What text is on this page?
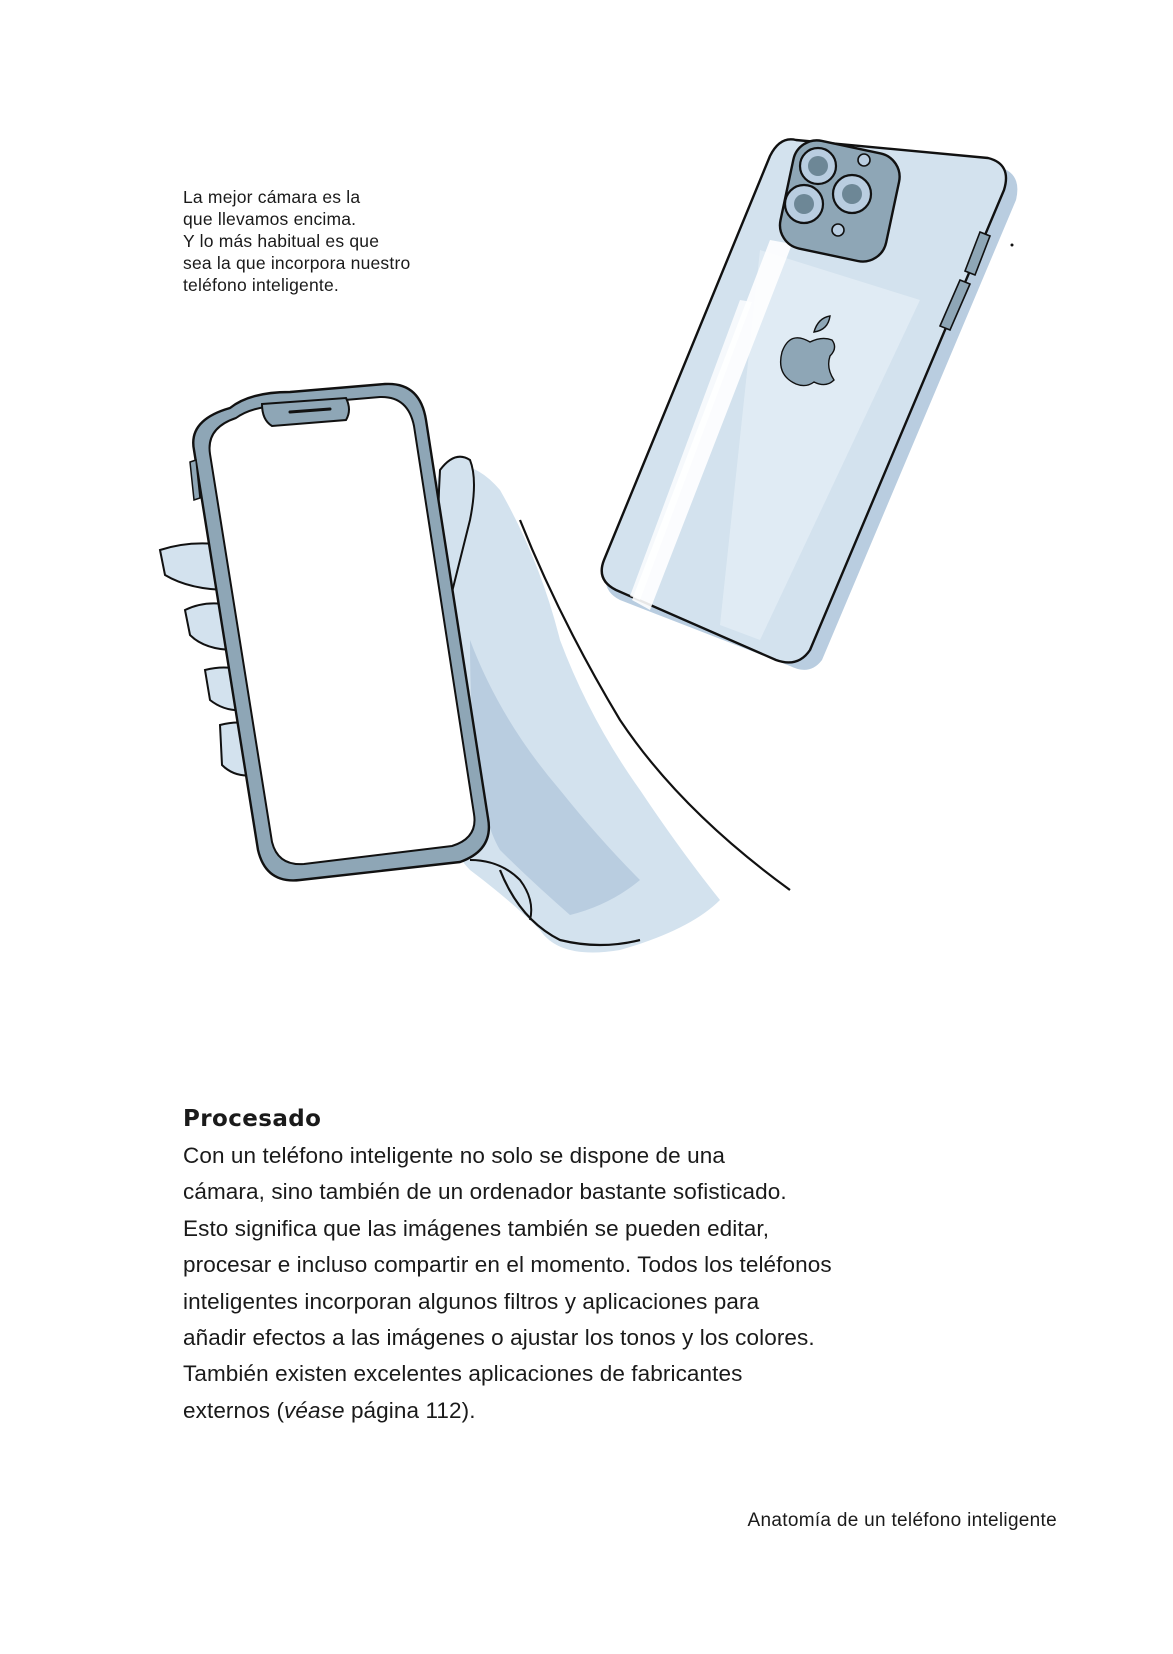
La mejor cámara es la
que llevamos encima.
Y lo más habitual es que
sea la que incorpora nuestro
teléfono inteligente.
Procesado
Con un teléfono inteligente no solo se dispone de una
cámara, sino también de un ordenador bastante sofisticado.
Esto significa que las imágenes también se pueden editar,
procesar e incluso compartir en el momento. Todos los teléfonos
inteligentes incorporan algunos filtros y aplicaciones para
añadir efectos a las imágenes o ajustar los tonos y los colores.
También existen excelentes aplicaciones de fabricantes
externos (véase página 112).
Anatomía de un teléfono inteligente
